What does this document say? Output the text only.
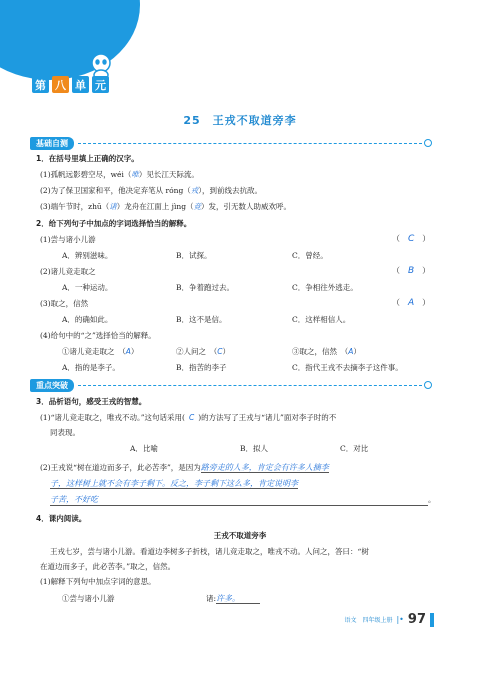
第 八 单 元
25　王戎不取道旁李
基础自测
1．在括号里填上正确的汉字。
(1)孤帆远影碧空尽，wéi（唯）见长江天际流。
(2)为了保卫国家和平，他决定弃笔从 róng（戎），到前线去抗敌。
(3)端午节时，zhū（诸）龙舟在江面上 jìng（竞）发，引无数人助威欢呼。
2．给下列句子中加点的字词选择恰当的解释。
(1)尝与诸小儿游	（　C　）
A．辨别滋味。	B．试探。	C．曾经。
(2)诸儿竞走取之	（　B　）
A．一种运动。	B．争着跑过去。	C．争相往外逃走。
(3)取之，信然	（　A　）
A．的确如此。	B．这不是信。	C．这样相信人。
(4)给句中的“之”选择恰当的解释。
①诸儿竞走取之　（A）	②人问之　（C）	③取之，信然　（A）
A．指的是李子。	B．指苦的李子	C．指代王戎不去摘李子这件事。
重点突破
3．品析语句，感受王戎的智慧。
(1)“诸儿竞走取之，唯戎不动。”这句话采用( C )的方法写了王戎与“诸儿”面对李子时的不
同表现。
A．比喻	B．拟人	C．对比
(2)王戎说“树在道边而多子，此必苦李”，是因为路旁走的人多，肯定会有许多人摘李
子，这样树上就不会有李子剩下。反之，李子剩下这么多，肯定说明李
子苦，不好吃	。
4．课内阅读。
王戎不取道旁李
王戎七岁，尝与诸小儿游。看道边李树多子折枝，诸儿竞走取之，唯戎不动。人问之，答曰：“树
在道边而多子，此必苦李。”取之，信然。
(1)解释下列句中加点字词的意思。
①尝与诸小儿游	诸:许多。
语文　四年级上册 |• 97
